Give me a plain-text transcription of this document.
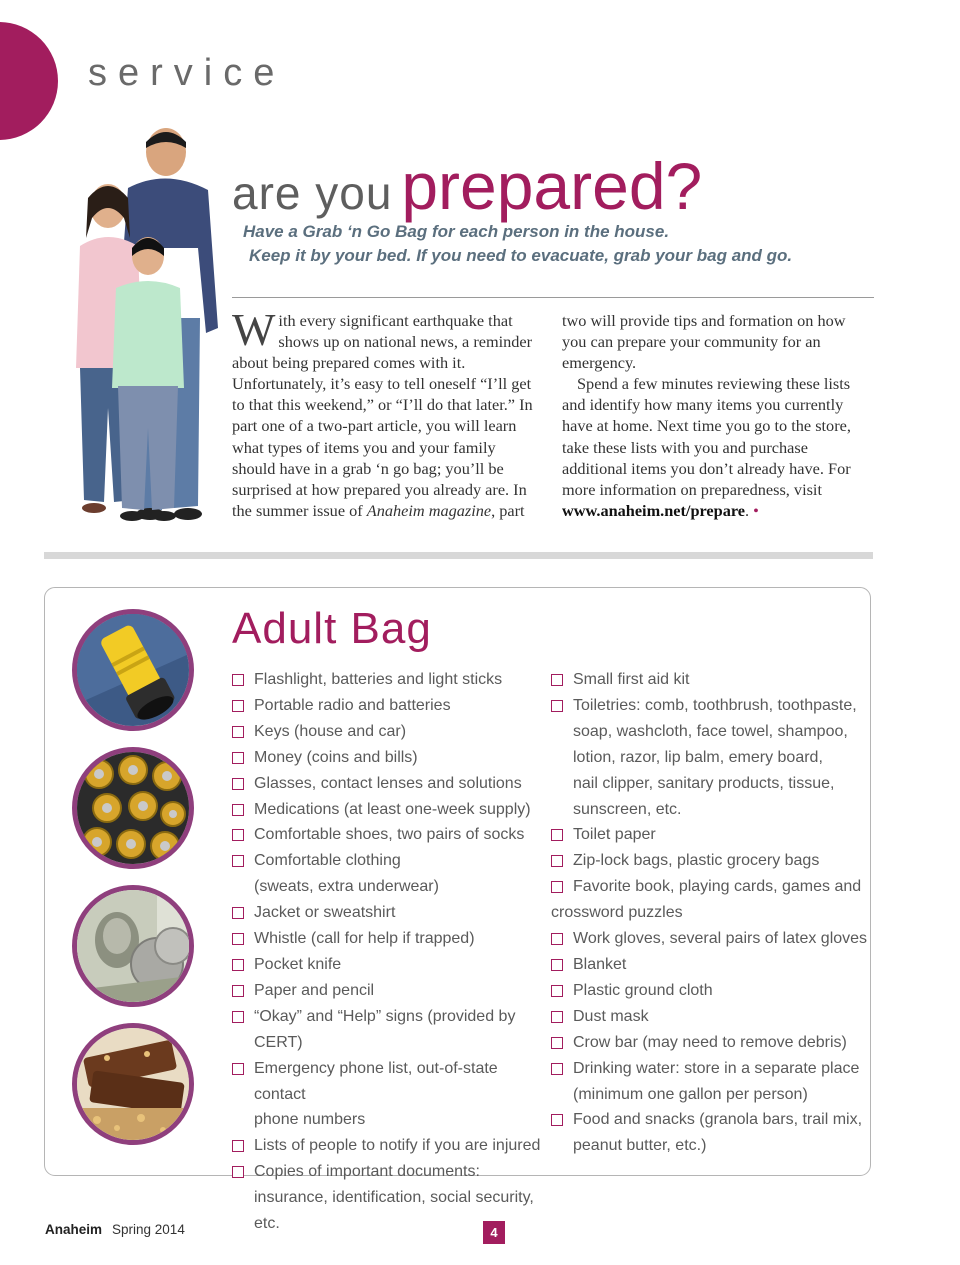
service
are you prepared?
Have a Grab ‘n Go Bag for each person in the house.
Keep it by your bed. If you need to evacuate, grab your bag and go.

With every significant earthquake that shows up on national news, a reminder about being prepared comes with it. Unfortunately, it’s easy to tell oneself “I’ll get to that this weekend,” or “I’ll do that later.” In part one of a two-part article, you will learn what types of items you and your family should have in a grab ‘n go bag; you’ll be surprised at how prepared you already are. In the summer issue of Anaheim magazine, part two will provide tips and formation on how you can prepare your community for an emergency.

Spend a few minutes reviewing these lists and identify how many items you currently have at home. Next time you go to the store, take these lists with you and purchase additional items you don’t already have. For more information on preparedness, visit www.anaheim.net/prepare. •

Adult Bag
Flashlight, batteries and light sticks
Portable radio and batteries
Keys (house and car)
Money (coins and bills)
Glasses, contact lenses and solutions
Medications (at least one-week supply)
Comfortable shoes, two pairs of socks
Comfortable clothing
(sweats, extra underwear)
Jacket or sweatshirt
Whistle (call for help if trapped)
Pocket knife
Paper and pencil
“Okay” and “Help” signs (provided by CERT)
Emergency phone list, out-of-state contact
phone numbers
Lists of people to notify if you are injured
Copies of important documents:
insurance, identification, social security, etc.
Small first aid kit
Toiletries: comb, toothbrush, toothpaste,
soap, washcloth, face towel, shampoo,
lotion, razor, lip balm, emery board,
nail clipper, sanitary products, tissue,
sunscreen, etc.
Toilet paper
Zip-lock bags, plastic grocery bags
Favorite book, playing cards, games and
crossword puzzles
Work gloves, several pairs of latex gloves
Blanket
Plastic ground cloth
Dust mask
Crow bar (may need to remove debris)
Drinking water: store in a separate place
(minimum one gallon per person)
Food and snacks (granola bars, trail mix,
peanut butter, etc.)
Anaheim Spring 2014	4
